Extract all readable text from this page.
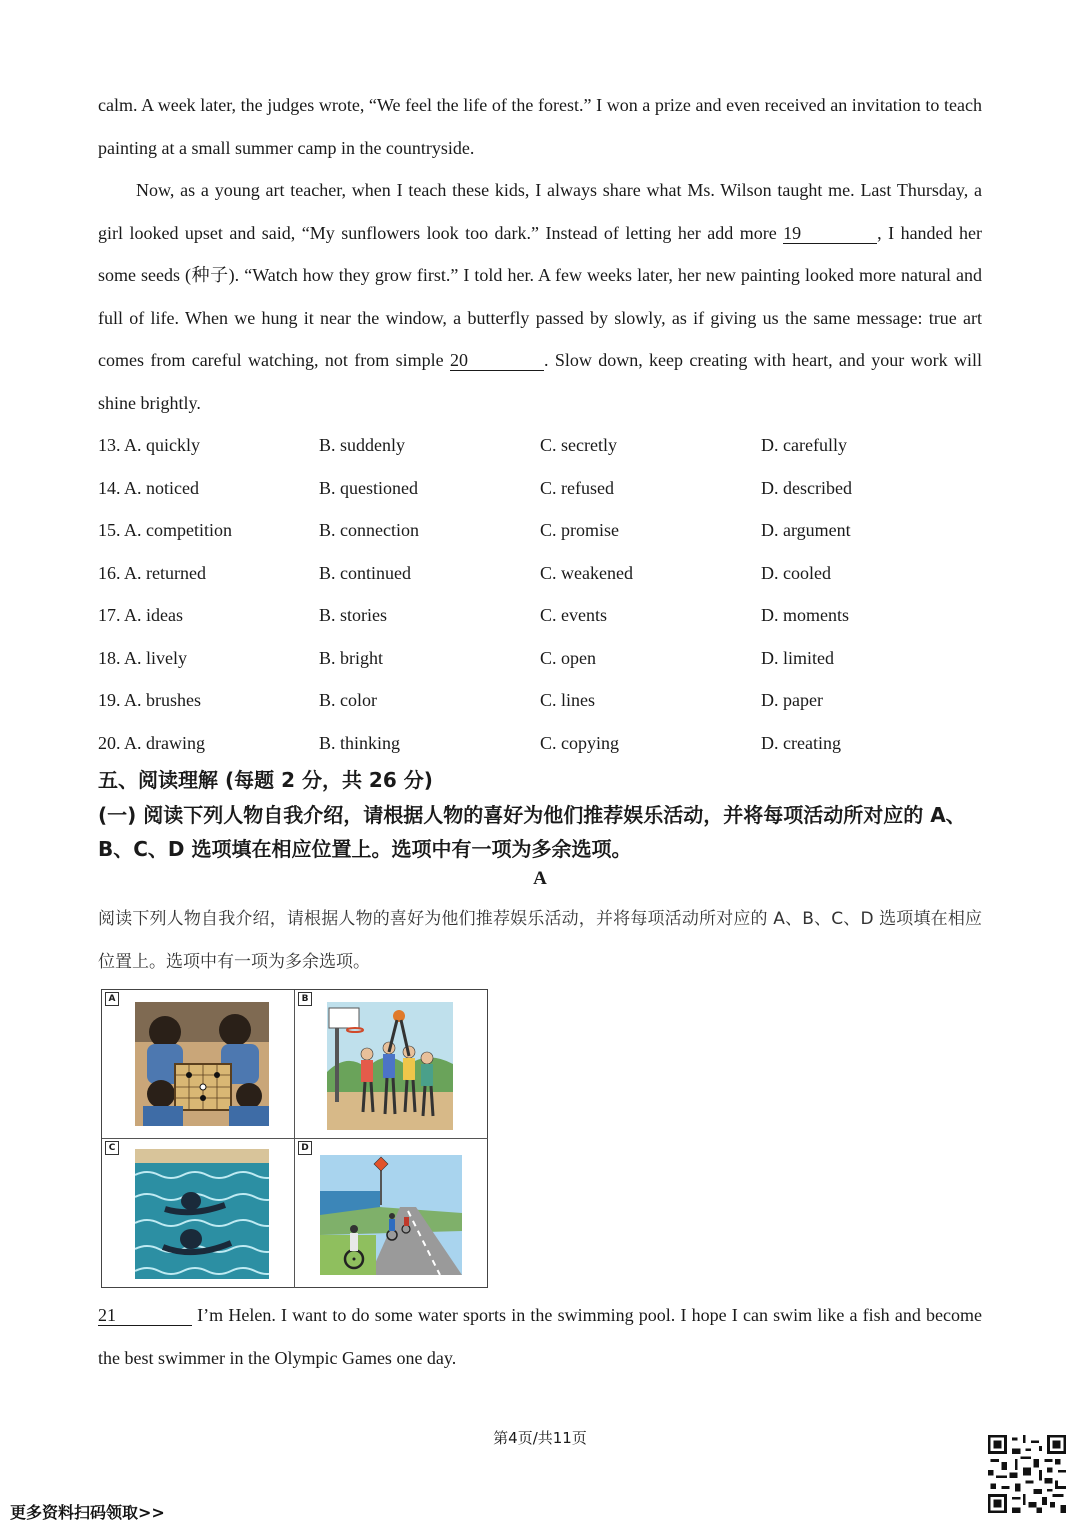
calm. A week later, the judges wrote, “We feel the life of the forest.” I won a prize and even received an invitation to teach painting at a small summer camp in the countryside.
Now, as a young art teacher, when I teach these kids, I always share what Ms. Wilson taught me. Last Thursday, a girl looked upset and said, “My sunflowers look too dark.” Instead of letting her add more 19	, I handed her some seeds (种子). “Watch how they grow first.” I told her. A few weeks later, her new painting looked more natural and full of life. When we hung it near the window, a butterfly passed by slowly, as if giving us the same message: true art comes from careful watching, not from simple 20	. Slow down, keep creating with heart, and your work will shine brightly.
13. A. quickly	B. suddenly	C. secretly	D. carefully
14. A. noticed	B. questioned	C. refused	D. described
15. A. competition	B. connection	C. promise	D. argument
16. A. returned	B. continued	C. weakened	D. cooled
17. A. ideas	B. stories	C. events	D. moments
18. A. lively	B. bright	C. open	D. limited
19. A. brushes	B. color	C. lines	D. paper
20. A. drawing	B. thinking	C. copying	D. creating
五、阅读理解 (每题 2 分，共 26 分)
(一) 阅读下列人物自我介绍，请根据人物的喜好为他们推荐娱乐活动，并将每项活动所对应的 A、B、C、D 选项填在相应位置上。选项中有一项为多余选项。
A
阅读下列人物自我介绍，请根据人物的喜好为他们推荐娱乐活动，并将每项活动所对应的 A、B、C、D 选项填在相应位置上。选项中有一项为多余选项。
A	B
C	D
21	I’m Helen. I want to do some water sports in the swimming pool. I hope I can swim like a fish and become the best swimmer in the Olympic Games one day.
第4页/共11页
更多资料扫码领取>>
